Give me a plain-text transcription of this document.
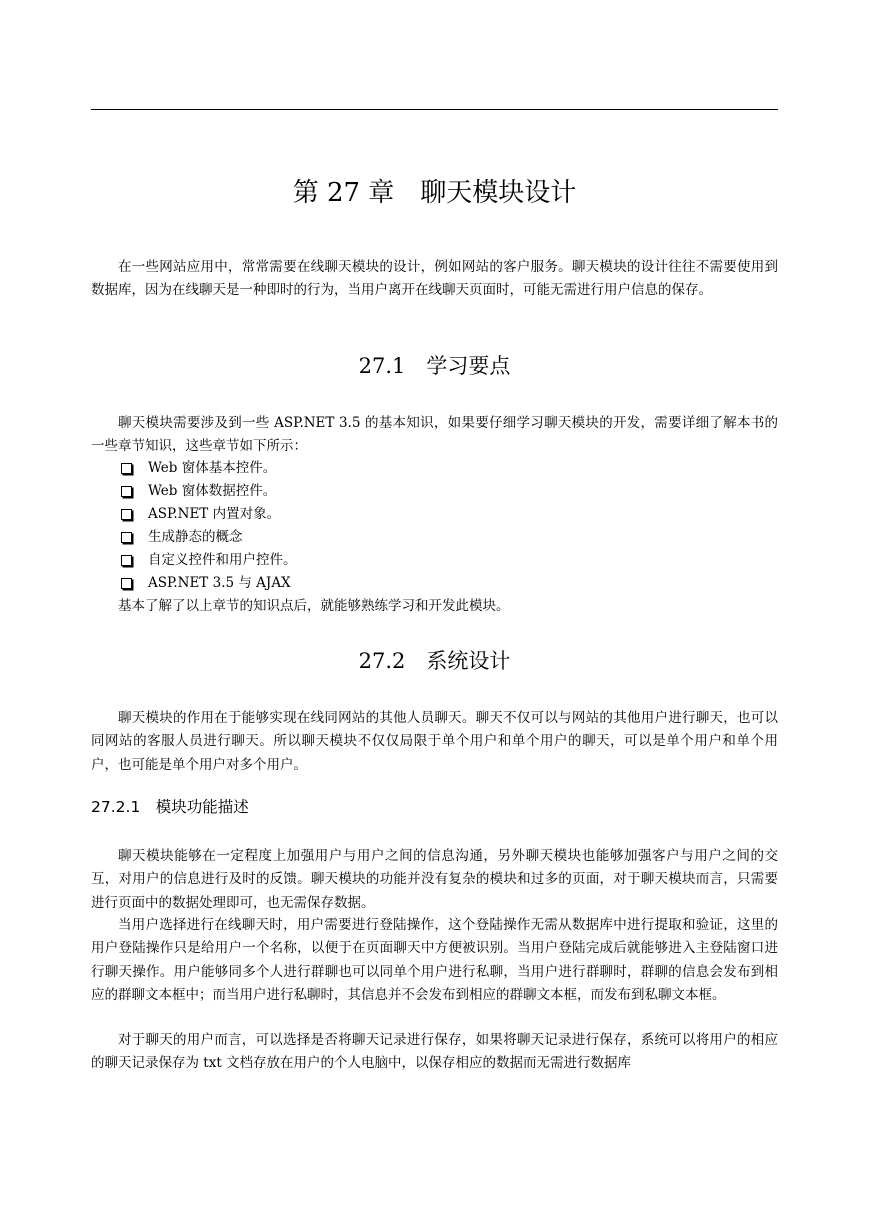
第 27 章　聊天模块设计

在一些网站应用中，常常需要在线聊天模块的设计，例如网站的客户服务。聊天模块的设计往往不需要使用到数据库，因为在线聊天是一种即时的行为，当用户离开在线聊天页面时，可能无需进行用户信息的保存。

27.1　学习要点

聊天模块需要涉及到一些 ASP.NET 3.5 的基本知识，如果要仔细学习聊天模块的开发，需要详细了解本书的一些章节知识，这些章节如下所示：

Web 窗体基本控件。
Web 窗体数据控件。
ASP.NET 内置对象。
生成静态的概念
自定义控件和用户控件。
ASP.NET 3.5 与 AJAX
基本了解了以上章节的知识点后，就能够熟练学习和开发此模块。
27.2　系统设计

聊天模块的作用在于能够实现在线同网站的其他人员聊天。聊天不仅可以与网站的其他用户进行聊天，也可以同网站的客服人员进行聊天。所以聊天模块不仅仅局限于单个用户和单个用户的聊天，可以是单个用户和单个用户，也可能是单个用户对多个用户。

27.2.1　模块功能描述

聊天模块能够在一定程度上加强用户与用户之间的信息沟通，另外聊天模块也能够加强客户与用户之间的交互，对用户的信息进行及时的反馈。聊天模块的功能并没有复杂的模块和过多的页面，对于聊天模块而言，只需要进行页面中的数据处理即可，也无需保存数据。

当用户选择进行在线聊天时，用户需要进行登陆操作，这个登陆操作无需从数据库中进行提取和验证，这里的用户登陆操作只是给用户一个名称，以便于在页面聊天中方便被识别。当用户登陆完成后就能够进入主登陆窗口进行聊天操作。用户能够同多个人进行群聊也可以同单个用户进行私聊，当用户进行群聊时，群聊的信息会发布到相应的群聊文本框中；而当用户进行私聊时，其信息并不会发布到相应的群聊文本框，而发布到私聊文本框。

对于聊天的用户而言，可以选择是否将聊天记录进行保存，如果将聊天记录进行保存，系统可以将用户的相应的聊天记录保存为 txt 文档存放在用户的个人电脑中，以保存相应的数据而无需进行数据库
